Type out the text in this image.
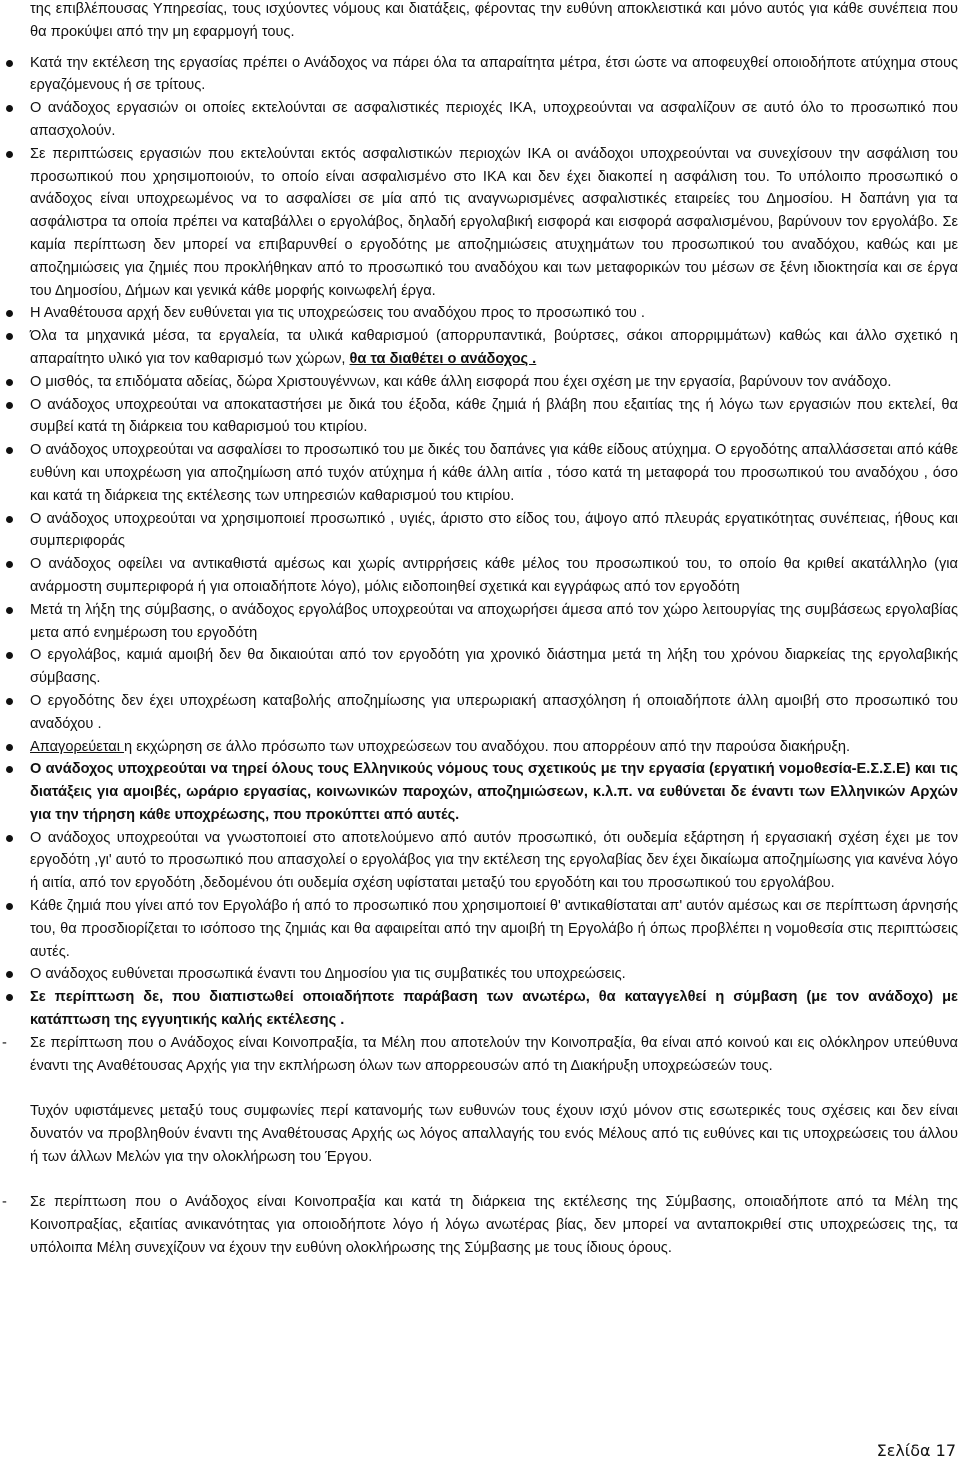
της επιβλέπουσας Υπηρεσίας, τους ισχύοντες νόμους και διατάξεις, φέροντας την ευθύνη αποκλειστικά και μόνο αυτός για κάθε συνέπεια που θα προκύψει από την μη εφαρμογή τους.
Κατά την εκτέλεση της εργασίας πρέπει ο Ανάδοχος να πάρει όλα τα απαραίτητα μέτρα, έτσι ώστε να αποφευχθεί οποιοδήποτε ατύχημα στους εργαζόμενους ή σε τρίτους.
Ο ανάδοχος εργασιών οι οποίες εκτελούνται σε ασφαλιστικές περιοχές ΙΚΑ, υποχρεούνται να ασφαλίζουν σε αυτό όλο το προσωπικό που απασχολούν.
Σε περιπτώσεις εργασιών που εκτελούνται εκτός ασφαλιστικών περιοχών ΙΚΑ οι ανάδοχοι υποχρεούνται να συνεχίσουν την ασφάλιση του προσωπικού που χρησιμοποιούν, το οποίο είναι ασφαλισμένο στο ΙΚΑ και δεν έχει διακοπεί η ασφάλιση του. Το υπόλοιπο προσωπικό ο ανάδοχος είναι υποχρεωμένος να το ασφαλίσει σε μία από τις αναγνωρισμένες ασφαλιστικές εταιρείες του Δημοσίου. Η δαπάνη για τα ασφάλιστρα τα οποία πρέπει να καταβάλλει ο εργολάβος, δηλαδή εργολαβική εισφορά και εισφορά ασφαλισμένου, βαρύνουν τον εργολάβο. Σε καμία περίπτωση δεν μπορεί να επιβαρυνθεί ο εργοδότης με αποζημιώσεις ατυχημάτων του προσωπικού του αναδόχου, καθώς και με αποζημιώσεις για ζημιές που προκλήθηκαν από το προσωπικό του αναδόχου και των μεταφορικών του μέσων σε ξένη ιδιοκτησία και σε έργα του Δημοσίου, Δήμων και γενικά κάθε μορφής κοινωφελή έργα.
Η Αναθέτουσα αρχή δεν ευθύνεται για τις υποχρεώσεις του αναδόχου προς το προσωπικό του .
Όλα τα μηχανικά μέσα, τα εργαλεία, τα υλικά καθαρισμού (απορρυπαντικά, βούρτσες, σάκοι απορριμμάτων) καθώς και άλλο σχετικό η απαραίτητο υλικό για τον καθαρισμό των χώρων, θα τα διαθέτει ο ανάδοχος .
Ο μισθός, τα επιδόματα αδείας, δώρα Χριστουγέννων, και κάθε άλλη εισφορά που έχει σχέση με την εργασία, βαρύνουν τον ανάδοχο.
Ο ανάδοχος υποχρεούται να αποκαταστήσει με δικά του έξοδα, κάθε ζημιά ή βλάβη που εξαιτίας της ή λόγω των εργασιών που εκτελεί, θα συμβεί κατά τη διάρκεια του καθαρισμού του κτιρίου.
Ο ανάδοχος υποχρεούται να ασφαλίσει το προσωπικό του με δικές του δαπάνες για κάθε είδους ατύχημα. Ο εργοδότης απαλλάσσεται από κάθε ευθύνη και υποχρέωση για αποζημίωση από τυχόν ατύχημα ή κάθε άλλη αιτία , τόσο κατά τη μεταφορά του προσωπικού του αναδόχου , όσο και κατά τη διάρκεια της εκτέλεσης των υπηρεσιών καθαρισμού του κτιρίου.
Ο ανάδοχος υποχρεούται να χρησιμοποιεί προσωπικό , υγιές, άριστο στο είδος του, άψογο από πλευράς εργατικότητας συνέπειας, ήθους και συμπεριφοράς
Ο ανάδοχος οφείλει να αντικαθιστά αμέσως και χωρίς αντιρρήσεις κάθε μέλος του προσωπικού του, το οποίο θα κριθεί ακατάλληλο (για ανάρμοστη συμπεριφορά ή για οποιαδήποτε λόγο), μόλις ειδοποιηθεί σχετικά και εγγράφως από τον εργοδότη
Μετά τη λήξη της σύμβασης, ο ανάδοχος εργολάβος υποχρεούται να αποχωρήσει άμεσα από τον χώρο λειτουργίας της συμβάσεως εργολαβίας μετα από ενημέρωση του εργοδότη
Ο εργολάβος, καμιά αμοιβή δεν θα δικαιούται από τον εργοδότη για χρονικό διάστημα μετά τη λήξη του χρόνου διαρκείας της εργολαβικής σύμβασης.
Ο εργοδότης δεν έχει υποχρέωση καταβολής αποζημίωσης για υπερωριακή απασχόληση ή οποιαδήποτε άλλη αμοιβή στο προσωπικό του αναδόχου .
Απαγορεύεται η εκχώρηση σε άλλο πρόσωπο των υποχρεώσεων του αναδόχου. που απορρέουν από την παρούσα διακήρυξη.
Ο ανάδοχος υποχρεούται να τηρεί όλους τους Ελληνικούς νόμους τους σχετικούς με την εργασία (εργατική νομοθεσία-Ε.Σ.Σ.Ε) και τις διατάξεις για αμοιβές, ωράριο εργασίας, κοινωνικών παροχών, αποζημιώσεων, κ.λ.π. να ευθύνεται δε έναντι των Ελληνικών Αρχών για την τήρηση κάθε υποχρέωσης, που προκύπτει από αυτές.
Ο ανάδοχος υποχρεούται να γνωστοποιεί στο αποτελούμενο από αυτόν προσωπικό, ότι ουδεμία εξάρτηση ή εργασιακή σχέση έχει με τον εργοδότη ,γι' αυτό το προσωπικό που απασχολεί ο εργολάβος για την εκτέλεση της εργολαβίας δεν έχει δικαίωμα αποζημίωσης για κανένα λόγο ή αιτία, από τον εργοδότη ,δεδομένου ότι ουδεμία σχέση υφίσταται μεταξύ του εργοδότη και του προσωπικού του εργολάβου.
Κάθε ζημιά που γίνει από τον Εργολάβο ή από το προσωπικό που χρησιμοποιεί θ' αντικαθίσταται απ' αυτόν αμέσως και σε περίπτωση άρνησής του, θα προσδιορίζεται το ισόποσο της ζημιάς και θα αφαιρείται από την αμοιβή τη Εργολάβο ή όπως προβλέπει η νομοθεσία στις περιπτώσεις αυτές.
Ο ανάδοχος ευθύνεται προσωπικά έναντι του Δημοσίου για τις συμβατικές του υποχρεώσεις.
Σε περίπτωση δε, που διαπιστωθεί οποιαδήποτε παράβαση των ανωτέρω, θα καταγγελθεί η σύμβαση (με τον ανάδοχο) με κατάπτωση της εγγυητικής καλής εκτέλεσης .
- Σε περίπτωση που ο Ανάδοχος είναι Κοινοπραξία, τα Μέλη που αποτελούν την Κοινοπραξία, θα είναι από κοινού και εις ολόκληρον υπεύθυνα έναντι της Αναθέτουσας Αρχής για την εκπλήρωση όλων των απορρεουσών από τη Διακήρυξη υποχρεώσεών τους.
Τυχόν υφιστάμενες μεταξύ τους συμφωνίες περί κατανομής των ευθυνών τους έχουν ισχύ μόνον στις εσωτερικές τους σχέσεις και δεν είναι δυνατόν να προβληθούν έναντι της Αναθέτουσας Αρχής ως λόγος απαλλαγής του ενός Μέλους από τις ευθύνες και τις υποχρεώσεις του άλλου ή των άλλων Μελών για την ολοκλήρωση του Έργου.
- Σε περίπτωση που ο Ανάδοχος είναι Κοινοπραξία και κατά τη διάρκεια της εκτέλεσης της Σύμβασης, οποιαδήποτε από τα Μέλη της Κοινοπραξίας, εξαιτίας ανικανότητας για οποιοδήποτε λόγο ή λόγω ανωτέρας βίας, δεν μπορεί να ανταποκριθεί στις υποχρεώσεις της, τα υπόλοιπα Μέλη συνεχίζουν να έχουν την ευθύνη ολοκλήρωσης της Σύμβασης με τους ίδιους όρους.
Σελίδα 17
